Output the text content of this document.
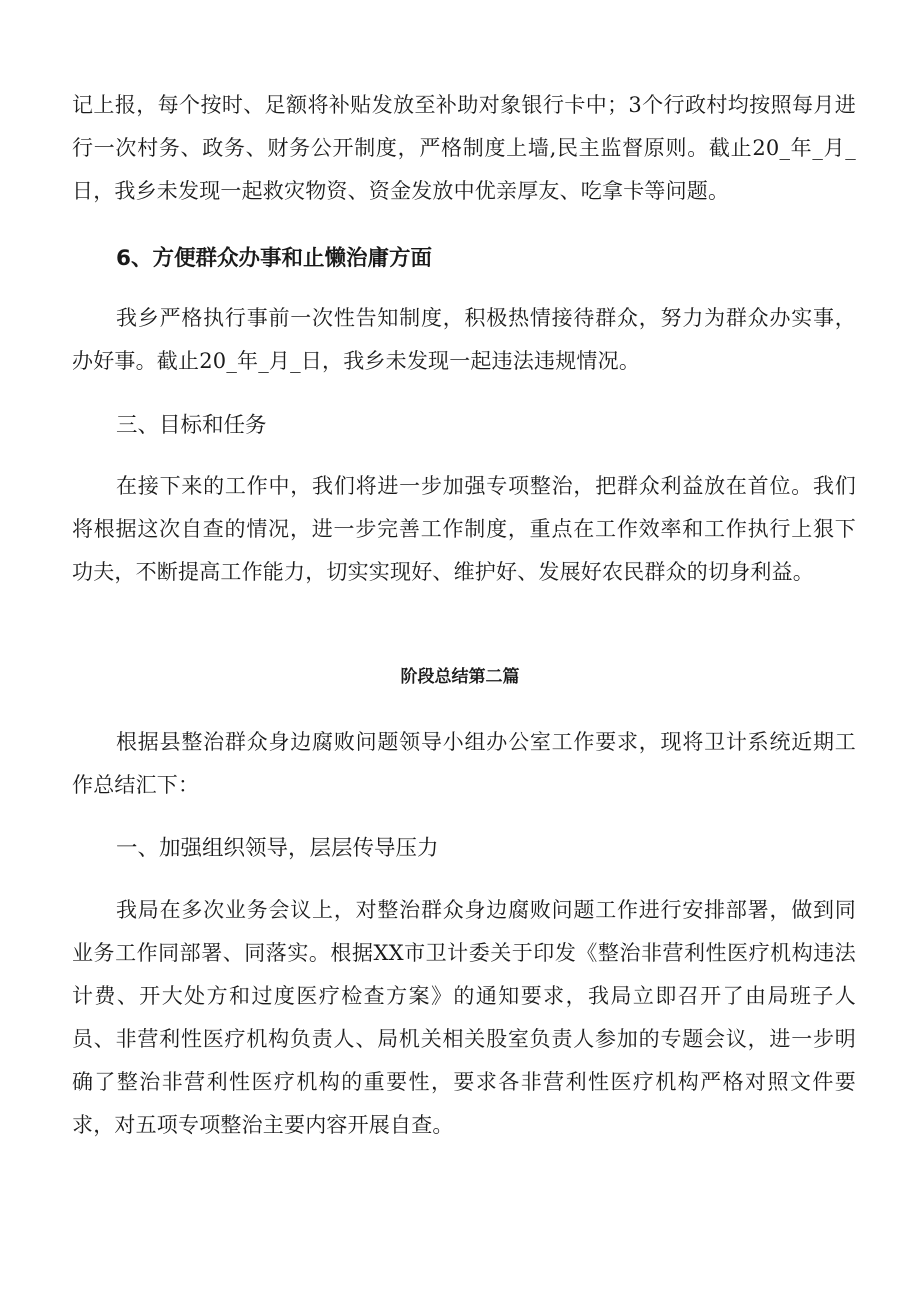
记上报，每个按时、足额将补贴发放至补助对象银行卡中；3个行政村均按照每月进行一次村务、政务、财务公开制度，严格制度上墙,民主监督原则。截止20_年_月_日，我乡未发现一起救灾物资、资金发放中优亲厚友、吃拿卡等问题。

6、方便群众办事和止懒治庸方面

我乡严格执行事前一次性告知制度，积极热情接待群众，努力为群众办实事，办好事。截止20_年_月_日，我乡未发现一起违法违规情况。

三、目标和任务

在接下来的工作中，我们将进一步加强专项整治，把群众利益放在首位。我们将根据这次自查的情况，进一步完善工作制度，重点在工作效率和工作执行上狠下功夫，不断提高工作能力，切实实现好、维护好、发展好农民群众的切身利益。

阶段总结第二篇

根据县整治群众身边腐败问题领导小组办公室工作要求，现将卫计系统近期工作总结汇下：

一、加强组织领导，层层传导压力

我局在多次业务会议上，对整治群众身边腐败问题工作进行安排部署，做到同业务工作同部署、同落实。根据XX市卫计委关于印发《整治非营利性医疗机构违法计费、开大处方和过度医疗检查方案》的通知要求，我局立即召开了由局班子人员、非营利性医疗机构负责人、局机关相关股室负责人参加的专题会议，进一步明确了整治非营利性医疗机构的重要性，要求各非营利性医疗机构严格对照文件要求，对五项专项整治主要内容开展自查。
